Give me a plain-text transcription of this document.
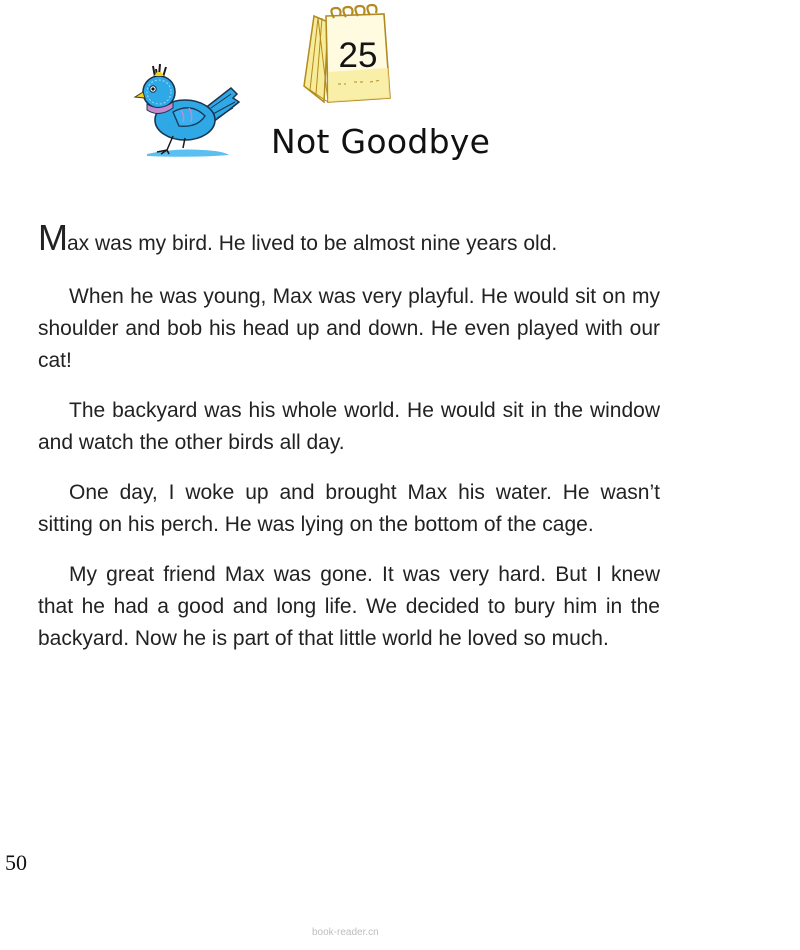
25
Not Goodbye

Max was my bird. He lived to be almost nine years old.

When he was young, Max was very playful. He would sit on my shoulder and bob his head up and down. He even played with our cat!

The backyard was his whole world. He would sit in the window and watch the other birds all day.

One day, I woke up and brought Max his water. He wasn’t sitting on his perch. He was lying on the bottom of the cage.

My great friend Max was gone. It was very hard. But I knew that he had a good and long life. We decided to bury him in the backyard. Now he is part of that little world he loved so much.

50
book-reader.cn
